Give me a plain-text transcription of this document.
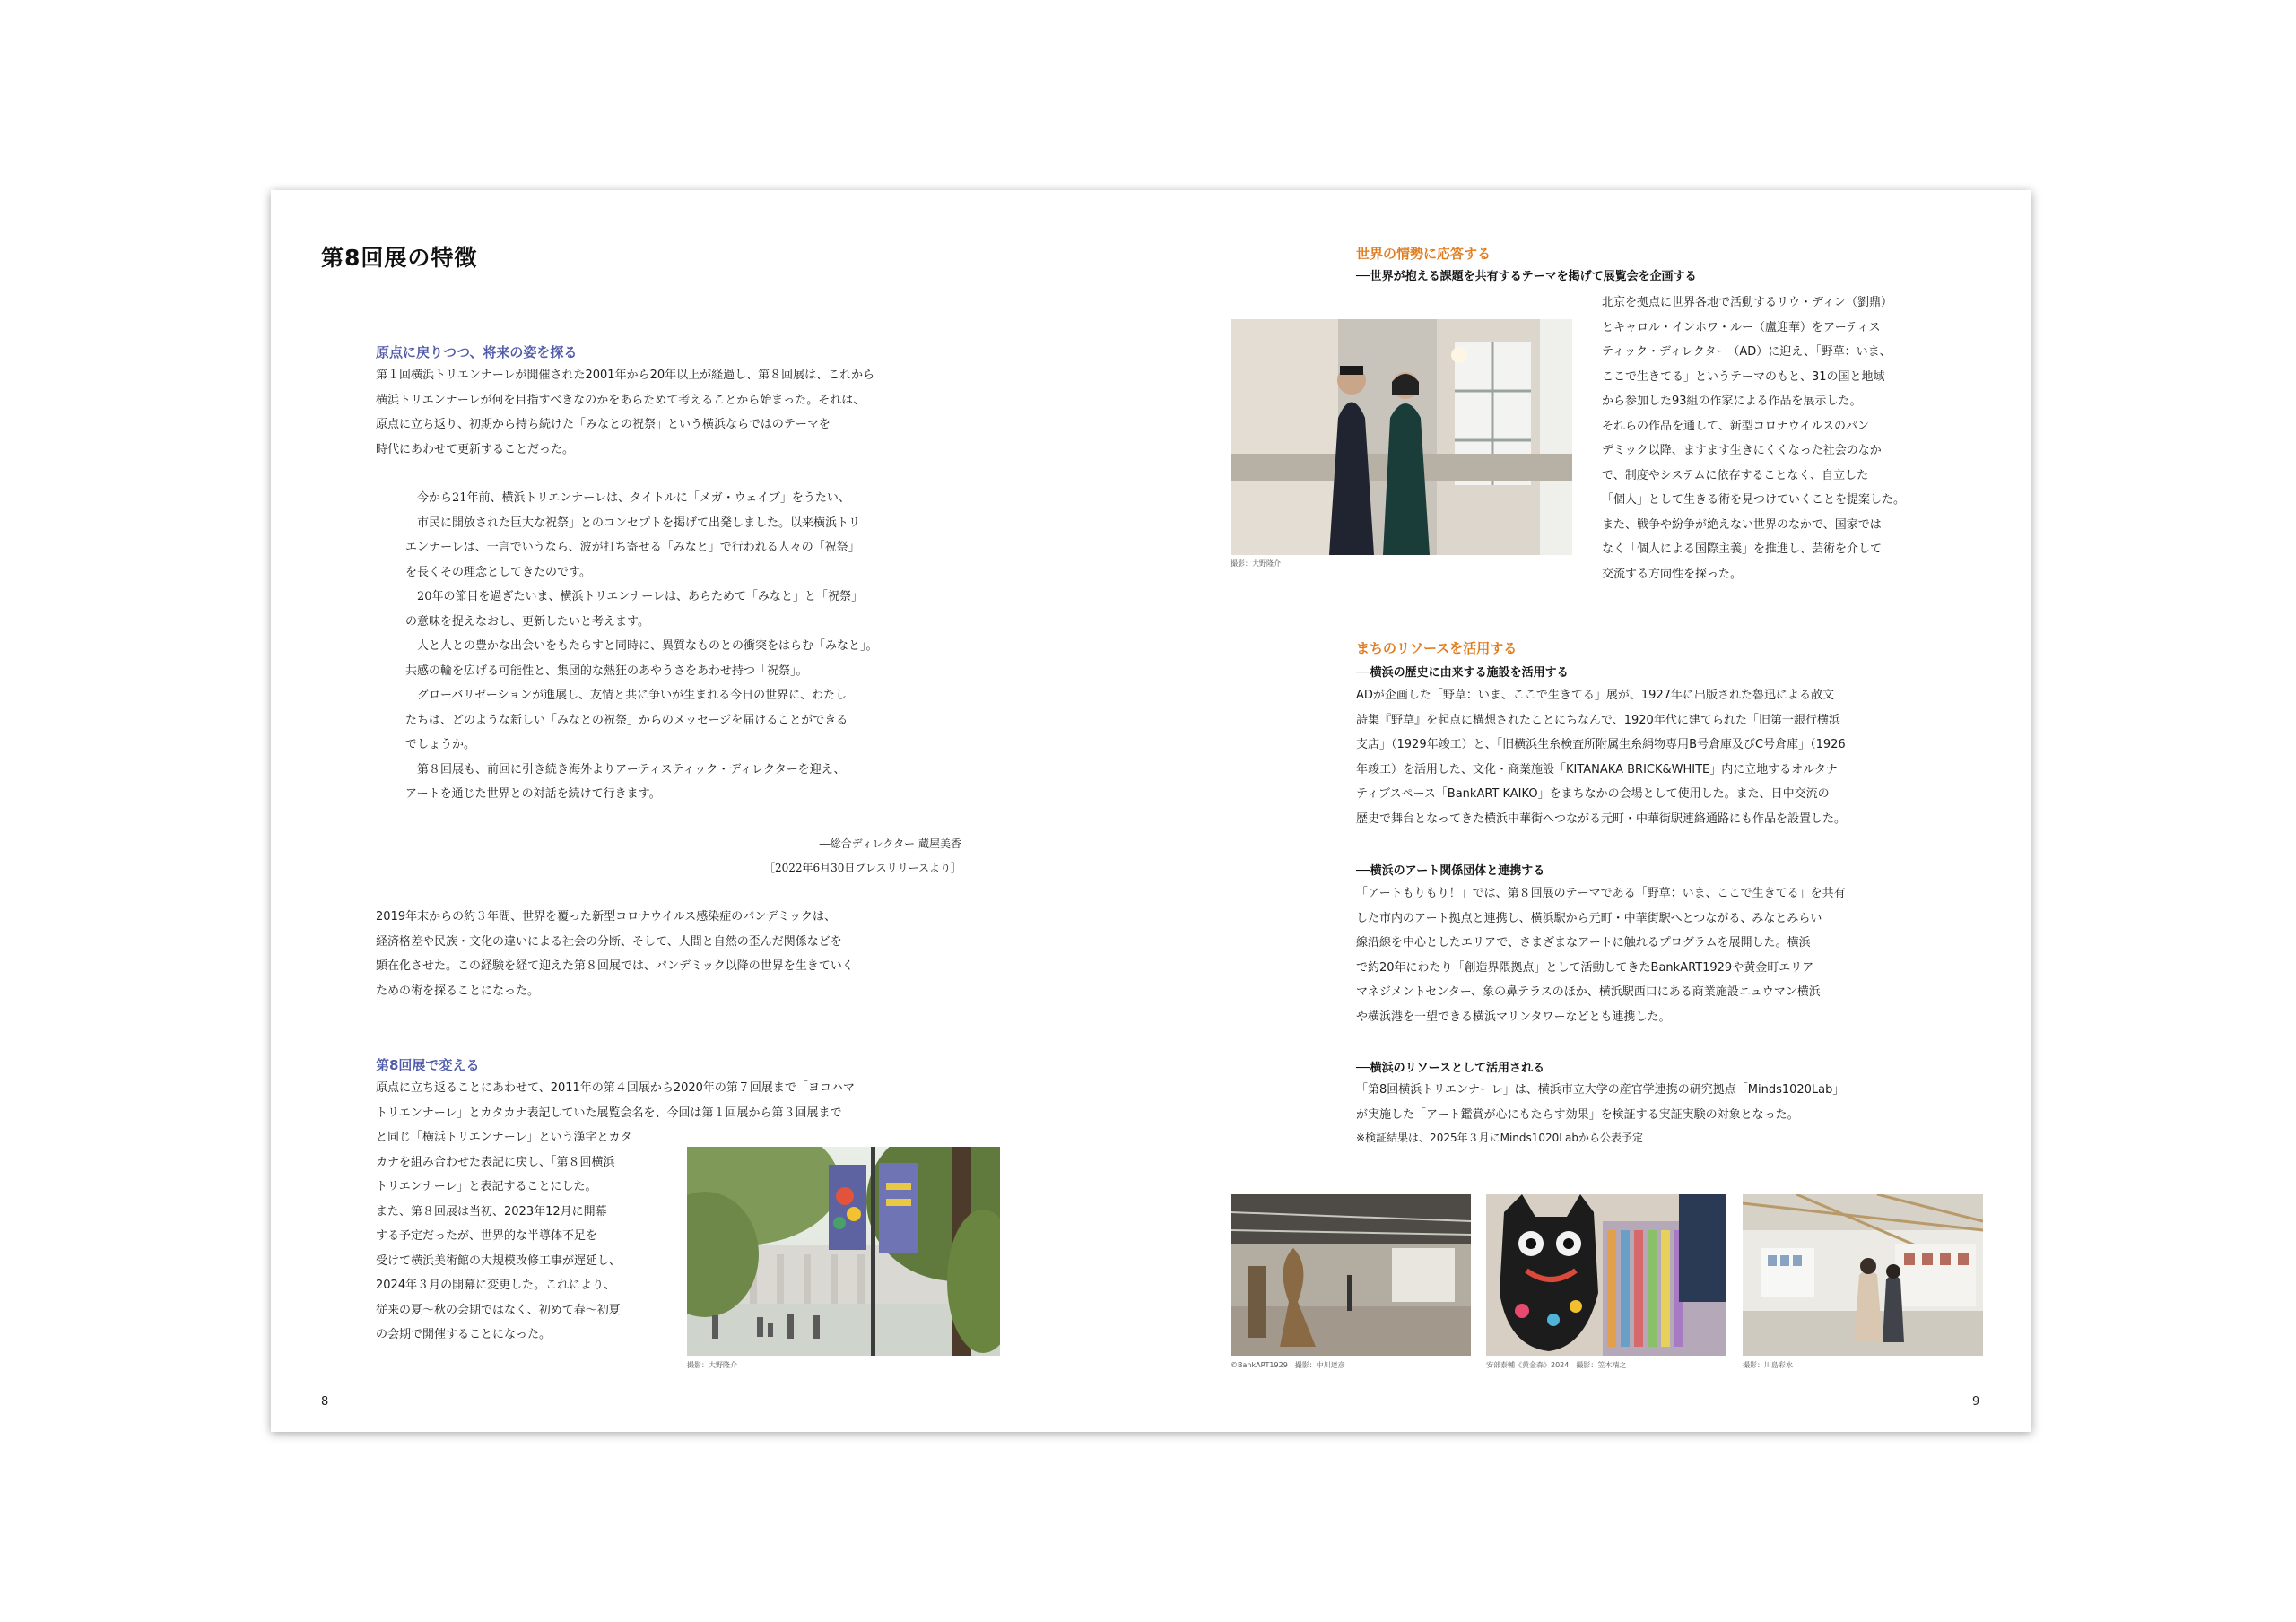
第8回展の特徴
原点に戻りつつ、将来の姿を探る

第１回横浜トリエンナーレが開催された2001年から20年以上が経過し、第８回展は、これから
横浜トリエンナーレが何を目指すべきなのかをあらためて考えることから始まった。それは、
原点に立ち返り、初期から持ち続けた「みなとの祝祭」という横浜ならではのテーマを
時代にあわせて更新することだった。

　今から21年前、横浜トリエンナーレは、タイトルに「メガ・ウェイブ」をうたい、
「市民に開放された巨大な祝祭」とのコンセプトを掲げて出発しました。以来横浜トリ
エンナーレは、一言でいうなら、波が打ち寄せる「みなと」で行われる人々の「祝祭」
を長くその理念としてきたのです。
　20年の節目を過ぎたいま、横浜トリエンナーレは、あらためて「みなと」と「祝祭」
の意味を捉えなおし、更新したいと考えます。
　人と人との豊かな出会いをもたらすと同時に、異質なものとの衝突をはらむ「みなと」。
共感の輪を広げる可能性と、集団的な熱狂のあやうさをあわせ持つ「祝祭」。
　グローバリゼーションが進展し、友情と共に争いが生まれる今日の世界に、わたし
たちは、どのような新しい「みなとの祝祭」からのメッセージを届けることができる
でしょうか。
　第８回展も、前回に引き続き海外よりアーティスティック・ディレクターを迎え、
アートを通じた世界との対話を続けて行きます。

―総合ディレクター 蔵屋美香
［2022年6月30日プレスリリースより］

2019年末からの約３年間、世界を覆った新型コロナウイルス感染症のパンデミックは、
経済格差や民族・文化の違いによる社会の分断、そして、人間と自然の歪んだ関係などを
顕在化させた。この経験を経て迎えた第８回展では、パンデミック以降の世界を生きていく
ための術を探ることになった。

第8回展で変える

原点に立ち返ることにあわせて、2011年の第４回展から2020年の第７回展まで「ヨコハマ
トリエンナーレ」とカタカナ表記していた展覧会名を、今回は第１回展から第３回展まで

と同じ「横浜トリエンナーレ」という漢字とカタ
カナを組み合わせた表記に戻し、「第８回横浜
トリエンナーレ」と表記することにした。
また、第８回展は当初、2023年12月に開幕
する予定だったが、世界的な半導体不足を
受けて横浜美術館の大規模改修工事が遅延し、
2024年３月の開幕に変更した。これにより、
従来の夏～秋の会期ではなく、初めて春～初夏
の会期で開催することになった。

撮影：大野隆介
8
世界の情勢に応答する
──世界が抱える課題を共有するテーマを掲げて展覧会を企画する
撮影：大野隆介

北京を拠点に世界各地で活動するリウ・ディン（劉鼎）
とキャロル・インホワ・ルー（盧迎華）をアーティス
ティック・ディレクター（AD）に迎え、「野草：いま、
ここで生きてる」というテーマのもと、31の国と地域
から参加した93組の作家による作品を展示した。
それらの作品を通して、新型コロナウイルスのパン
デミック以降、ますます生きにくくなった社会のなか
で、制度やシステムに依存することなく、自立した
「個人」として生きる術を見つけていくことを提案した。
また、戦争や紛争が絶えない世界のなかで、国家では
なく「個人による国際主義」を推進し、芸術を介して
交流する方向性を探った。

まちのリソースを活用する
──横浜の歴史に由来する施設を活用する

ADが企画した「野草：いま、ここで生きてる」展が、1927年に出版された魯迅による散文
詩集『野草』を起点に構想されたことにちなんで、1920年代に建てられた「旧第一銀行横浜
支店」（1929年竣工）と、「旧横浜生糸検査所附属生糸絹物専用B号倉庫及びC号倉庫」（1926
年竣工）を活用した、文化・商業施設「KITANAKA BRICK&WHITE」内に立地するオルタナ
ティブスペース「BankART KAIKO」をまちなかの会場として使用した。また、日中交流の
歴史で舞台となってきた横浜中華街へつながる元町・中華街駅連絡通路にも作品を設置した。

──横浜のアート関係団体と連携する

「アートもりもり！」では、第８回展のテーマである「野草：いま、ここで生きてる」を共有
した市内のアート拠点と連携し、横浜駅から元町・中華街駅へとつながる、みなとみらい
線沿線を中心としたエリアで、さまざまなアートに触れるプログラムを展開した。横浜
で約20年にわたり「創造界隈拠点」として活動してきたBankART1929や黄金町エリア
マネジメントセンター、象の鼻テラスのほか、横浜駅西口にある商業施設ニュウマン横浜
や横浜港を一望できる横浜マリンタワーなどとも連携した。

──横浜のリソースとして活用される

「第8回横浜トリエンナーレ」は、横浜市立大学の産官学連携の研究拠点「Minds1020Lab」
が実施した「アート鑑賞が心にもたらす効果」を検証する実証実験の対象となった。

※検証結果は、2025年３月にMinds1020Labから公表予定
©BankART1929　撮影：中川達彦	安部泰輔《黄金森》2024　撮影：笠木靖之	撮影：川島彩水
9
